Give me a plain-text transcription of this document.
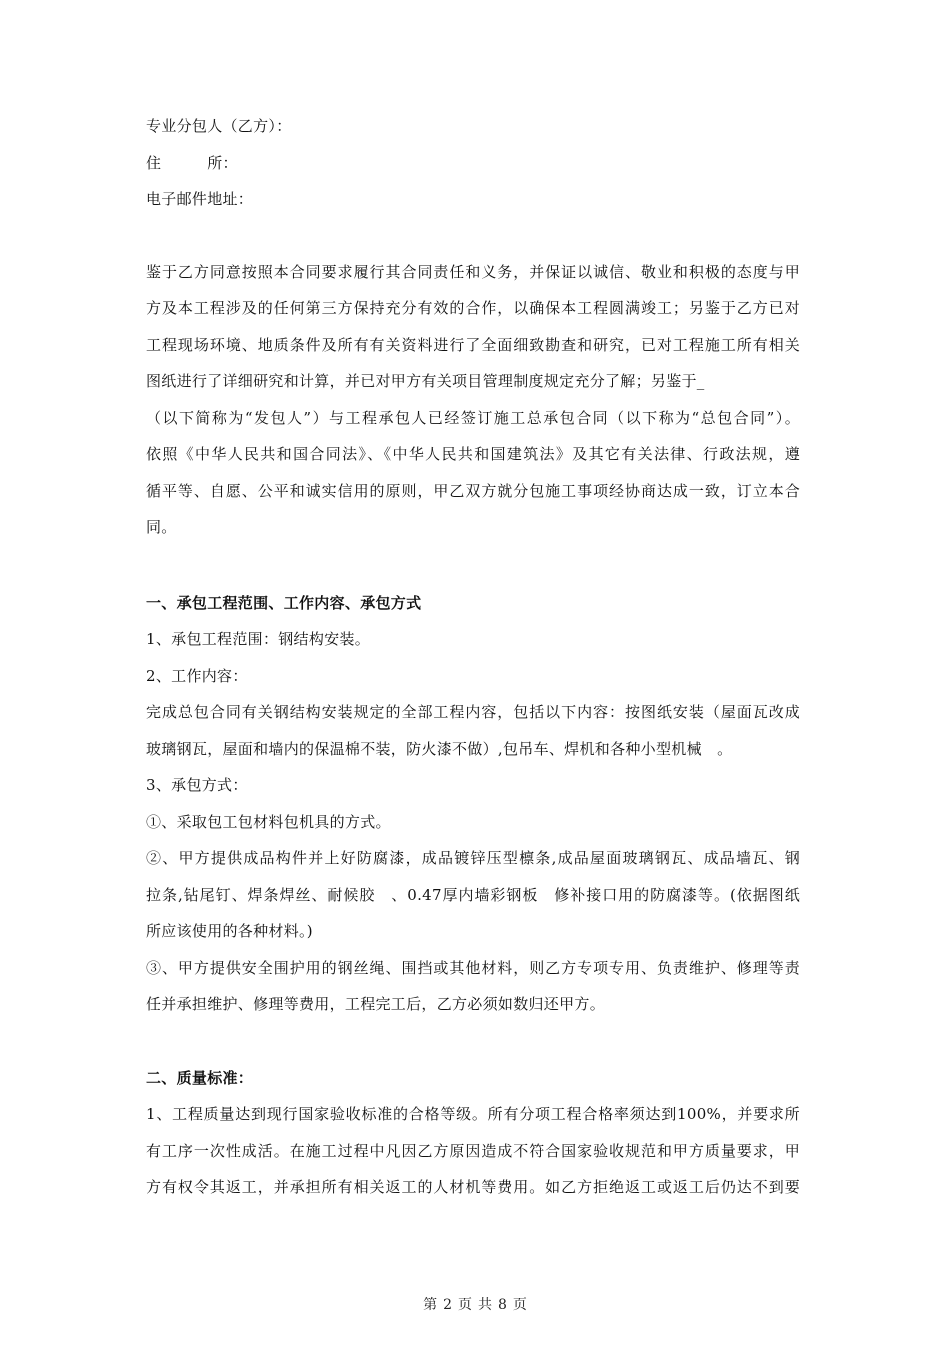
专业分包人（乙方）：
住　　　所：
电子邮件地址：
鉴于乙方同意按照本合同要求履行其合同责任和义务，并保证以诚信、敬业和积极的态度与甲
方及本工程涉及的任何第三方保持充分有效的合作，以确保本工程圆满竣工；另鉴于乙方已对
工程现场环境、地质条件及所有有关资料进行了全面细致勘查和研究，已对工程施工所有相关
图纸进行了详细研究和计算，并已对甲方有关项目管理制度规定充分了解；另鉴于_
（以下简称为“发包人”）与工程承包人已经签订施工总承包合同（以下称为“总包合同”）。
依照《中华人民共和国合同法》、《中华人民共和国建筑法》及其它有关法律、行政法规，遵
循平等、自愿、公平和诚实信用的原则，甲乙双方就分包施工事项经协商达成一致，订立本合
同。
一、承包工程范围、工作内容、承包方式
1、承包工程范围：钢结构安装。
2、工作内容：
完成总包合同有关钢结构安装规定的全部工程内容，包括以下内容：按图纸安装（屋面瓦改成
玻璃钢瓦，屋面和墙内的保温棉不装，防火漆不做）,包吊车、焊机和各种小型机械　。
3、承包方式：
①、采取包工包材料包机具的方式。
②、甲方提供成品构件并上好防腐漆，成品镀锌压型檩条,成品屋面玻璃钢瓦、成品墙瓦、钢
拉条,钻尾钉、焊条焊丝、耐候胶　、0.47厚内墙彩钢板　修补接口用的防腐漆等。(依据图纸
所应该使用的各种材料。)
③、甲方提供安全围护用的钢丝绳、围挡或其他材料，则乙方专项专用、负责维护、修理等责
任并承担维护、修理等费用，工程完工后，乙方必须如数归还甲方。
二、质量标准：
1、工程质量达到现行国家验收标准的合格等级。所有分项工程合格率须达到100%，并要求所
有工序一次性成活。在施工过程中凡因乙方原因造成不符合国家验收规范和甲方质量要求，甲
方有权令其返工，并承担所有相关返工的人材机等费用。如乙方拒绝返工或返工后仍达不到要
第 2 页 共 8 页
